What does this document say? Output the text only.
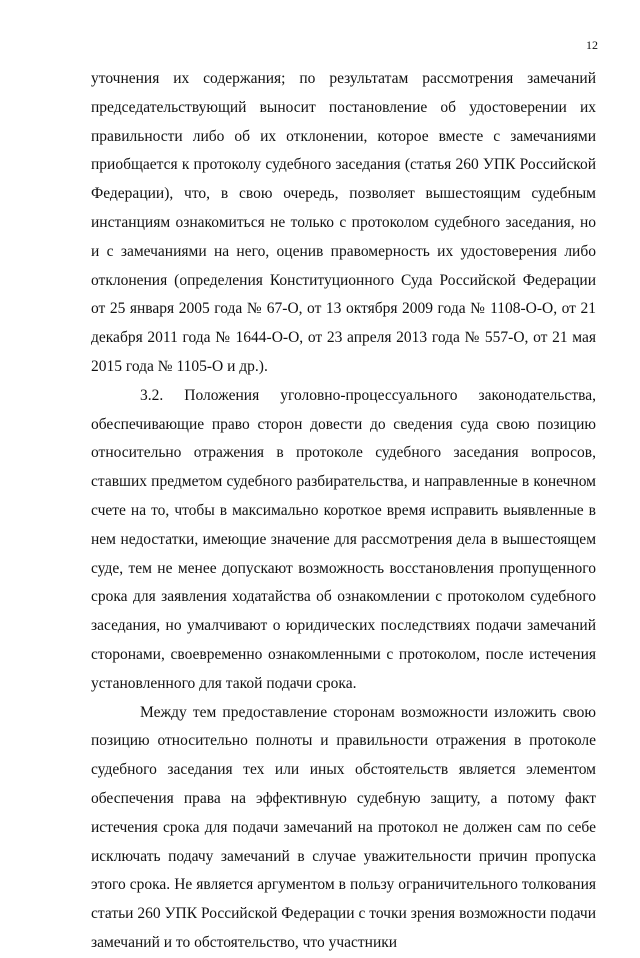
12

уточнения их содержания; по результатам рассмотрения замечаний председательствующий выносит постановление об удостоверении их правильности либо об их отклонении, которое вместе с замечаниями приобщается к протоколу судебного заседания (статья 260 УПК Российской Федерации), что, в свою очередь, позволяет вышестоящим судебным инстанциям ознакомиться не только с протоколом судебного заседания, но и с замечаниями на него, оценив правомерность их удостоверения либо отклонения (определения Конституционного Суда Российской Федерации от 25 января 2005 года № 67-О, от 13 октября 2009 года № 1108-О-О, от 21 декабря 2011 года № 1644-О-О, от 23 апреля 2013 года № 557-О, от 21 мая 2015 года № 1105-О и др.).

3.2. Положения уголовно-процессуального законодательства, обеспечивающие право сторон довести до сведения суда свою позицию относительно отражения в протоколе судебного заседания вопросов, ставших предметом судебного разбирательства, и направленные в конечном счете на то, чтобы в максимально короткое время исправить выявленные в нем недостатки, имеющие значение для рассмотрения дела в вышестоящем суде, тем не менее допускают возможность восстановления пропущенного срока для заявления ходатайства об ознакомлении с протоколом судебного заседания, но умалчивают о юридических последствиях подачи замечаний сторонами, своевременно ознакомленными с протоколом, после истечения установленного для такой подачи срока.

Между тем предоставление сторонам возможности изложить свою позицию относительно полноты и правильности отражения в протоколе судебного заседания тех или иных обстоятельств является элементом обеспечения права на эффективную судебную защиту, а потому факт истечения срока для подачи замечаний на протокол не должен сам по себе исключать подачу замечаний в случае уважительности причин пропуска этого срока. Не является аргументом в пользу ограничительного толкования статьи 260 УПК Российской Федерации с точки зрения возможности подачи замечаний и то обстоятельство, что участники
